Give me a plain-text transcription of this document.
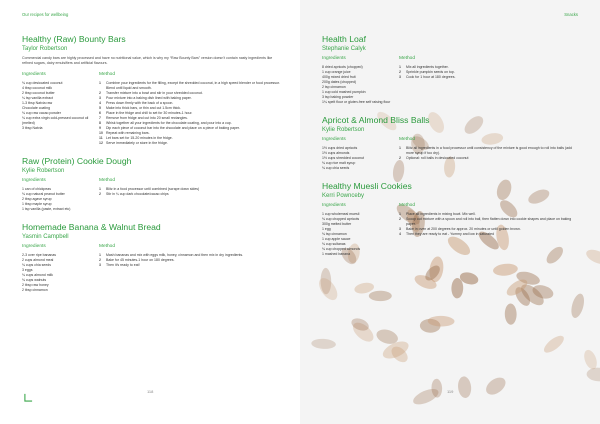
Our recipes for wellbeing
Healthy (Raw) Bounty Bars
Taylor Robertson

Commercial candy bars are highly processed and have no nutritional value, which is why my “Raw Bounty Bars” version doesn’t contain nasty ingredients like refined sugars, dairy emulsifiers and artificial flavours.

Ingredients
¾ cup desiccated coconut
4 tbsp coconut milk
2 tbsp coconut butter
¼ tsp vanilla extract
1-3 tbsp Natvia raw
Chocolate coating
¾ cup raw cacao powder
¾ cup extra virgin cold-pressed coconut oil (melted)
3 tbsp Natvia
Method
1	Combine your ingredients for the filling, except the shredded coconut, in a high speed blender or food processor. Blend until liquid and smooth.
2	Transfer mixture into a bowl and stir in your shredded coconut.
3	Pour mixture into a baking dish lined with baking paper.
4	Press down firmly with the back of a spoon.
5	Make into thick bars, or thin and cut 1.5cm thick.
6	Place in the fridge and chill to set for 30 minutes-1 hour.
7	Remove from fridge and cut into 20 small rectangles.
8	Whisk together all your ingredients for the chocolate coating, and pour into a cup.
9	Dip each piece of coconut bar into the chocolate and place on a piece of baking paper.
10 Repeat with remaining bars.
11 Let bars set for 15-20 minutes in the fridge.
12 Serve immediately or store in the fridge.
Raw (Protein) Cookie Dough
Kylie Robertson
Ingredients
1 can of chickpeas
¾ cup natural peanut butter
2 tbsp agave syrup
1 tbsp maple syrup
1 tsp vanilla (paste, extract etc)
Method
1	Blitz in a food processor until combined (scrape down sides)
2	Stir in ¼ cup dark chocolate/cacao chips
Homemade Banana & Walnut Bread
Yasmin Campbell
Ingredients
2-3 over ripe bananas
2 cups almond meal
¾ cups chia seeds
3 eggs
¾ cups almond milk
¾ cups walnuts
2 tbsp raw honey
2 tbsp cinnamon
Method
1	Mash bananas and mix with eggs milk, honey, cinnamon and then mix in dry ingredients.
2	Bake for 45 minutes-1 hour on 180 degrees.
3	Then it’s ready to eat!
118
Snacks
Health Loaf
Stephanie Calyk
Ingredients
8 dried apricots (chopped)
1 cup orange juice
400g mixed dried fruit
200g dates (chopped)
2 tsp cinnamon
1 cup cold mashed pumpkin
3 tsp baking powder
1¼ spelt flour or gluten-free self raising flour
Method
1	Mix all ingredients together.
2	Sprinkle pumpkin seeds on top.
3	Cook for 1 hour at 180 degrees.
Apricot & Almond Bliss Balls
Kylie Robertson
Ingredients
1½ cups dried apricots
1½ cups almonds
1½ cups shredded coconut
¾ cup rice malt syrup
¾ cup chia seeds
Method
1	Blitz all ingredients in a food processor until consistency of the mixture is good enough to roll into balls (add more syrup if too dry).
2	Optional: roll balls in desiccated coconut
Healthy Muesli Cookies
Kerri Pownceby
Ingredients
1 cup wholemeal muesli
¾ cup chopped apricots
300g melted butter
1 egg
¾ tsp cinnamon
1 cup apple sauce
¾ cup sultanas
¾ cup chopped almonds
1 mashed banana
Method
1	Place all ingredients in mixing bowl. Mix well.
2	Scoop out mixture with a spoon and roll into ball, then flatten down into cookie shapes and place on baking paper.
3	Bake in oven at 200 degrees for approx. 20 minutes or until golden brown.
4	Then they are ready to eat - Yummy and low in saturated
119
